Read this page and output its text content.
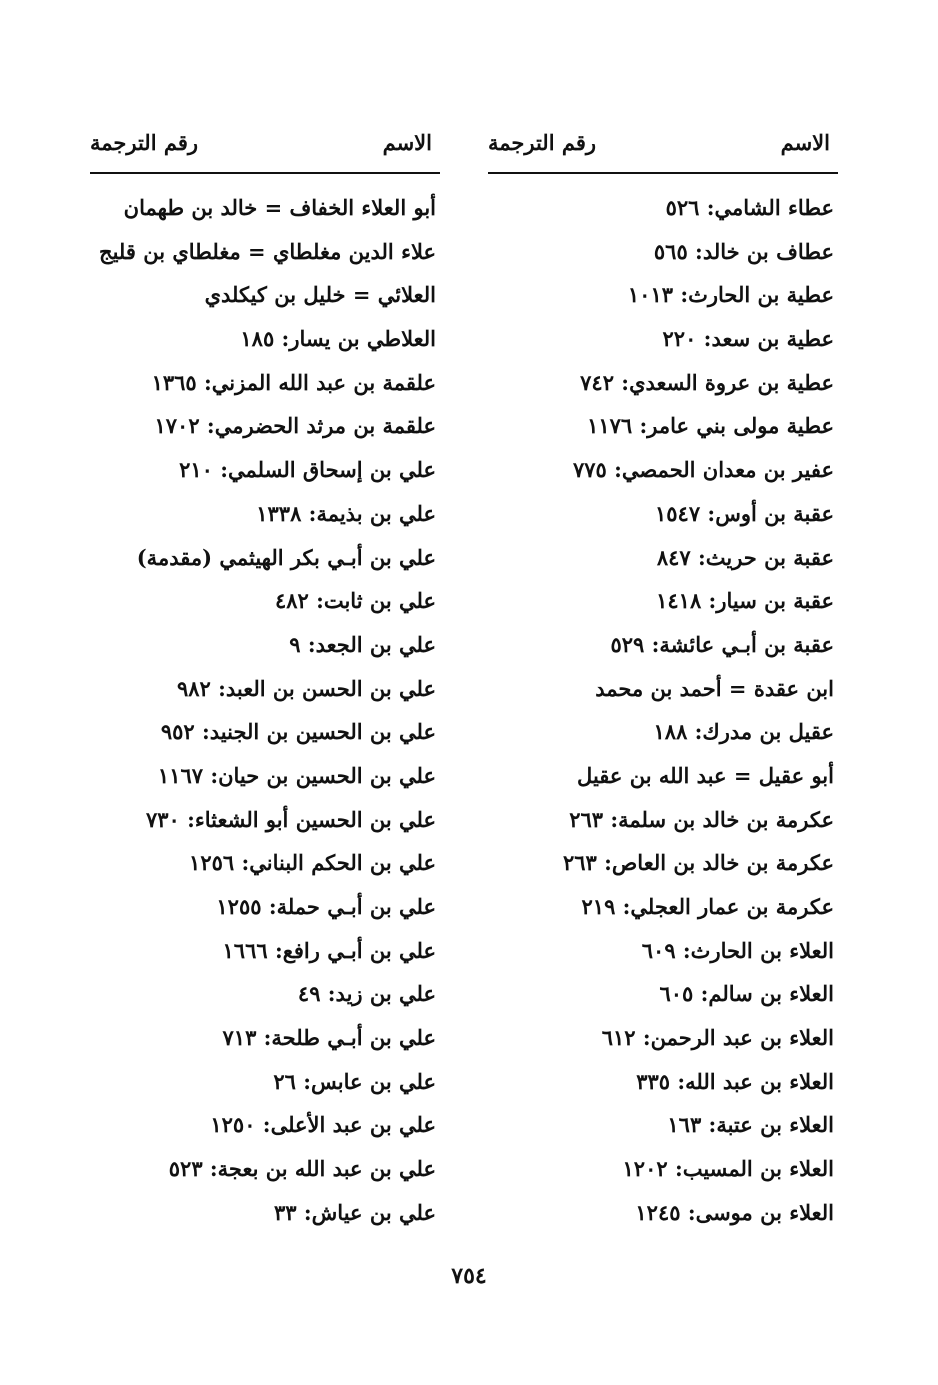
الاسم
رقم الترجمة
عطاء الشامي: ٥٢٦
عطاف بن خالد: ٥٦٥
عطية بن الحارث: ١٠١٣
عطية بن سعد: ٢٢٠
عطية بن عروة السعدي: ٧٤٢
عطية مولى بني عامر: ١١٧٦
عفير بن معدان الحمصي: ٧٧٥
عقبة بن أوس: ١٥٤٧
عقبة بن حريث: ٨٤٧
عقبة بن سيار: ١٤١٨
عقبة بن أبـي عائشة: ٥٢٩
ابن عقدة = أحمد بن محمد
عقيل بن مدرك: ١٨٨
أبو عقيل = عبد الله بن عقيل
عكرمة بن خالد بن سلمة: ٢٦٣
عكرمة بن خالد بن العاص: ٢٦٣
عكرمة بن عمار العجلي: ٢١٩
العلاء بن الحارث: ٦٠٩
العلاء بن سالم: ٦٠٥
العلاء بن عبد الرحمن: ٦١٢
العلاء بن عبد الله: ٣٣٥
العلاء بن عتبة: ١٦٣
العلاء بن المسيب: ١٢٠٢
العلاء بن موسى: ١٢٤٥
الاسم
رقم الترجمة
أبو العلاء الخفاف = خالد بن طهمان
علاء الدين مغلطاي = مغلطاي بن قليج
العلائي = خليل بن كيكلدي
العلاطي بن يسار: ١٨٥
علقمة بن عبد الله المزني: ١٣٦٥
علقمة بن مرثد الحضرمي: ١٧٠٢
علي بن إسحاق السلمي: ٢١٠
علي بن بذيمة: ١٣٣٨
علي بن أبـي بكر الهيثمي (مقدمة)
علي بن ثابت: ٤٨٢
علي بن الجعد: ٩
علي بن الحسن بن العبد: ٩٨٢
علي بن الحسين بن الجنيد: ٩٥٢
علي بن الحسين بن حيان: ١١٦٧
علي بن الحسين أبو الشعثاء: ٧٣٠
علي بن الحكم البناني: ١٢٥٦
علي بن أبـي حملة: ١٢٥٥
علي بن أبـي رافع: ١٦٦٦
علي بن زيد: ٤٩
علي بن أبـي طلحة: ٧١٣
علي بن عابس: ٢٦
علي بن عبد الأعلى: ١٢٥٠
علي بن عبد الله بن بعجة: ٥٢٣
علي بن عياش: ٣٣
٧٥٤
